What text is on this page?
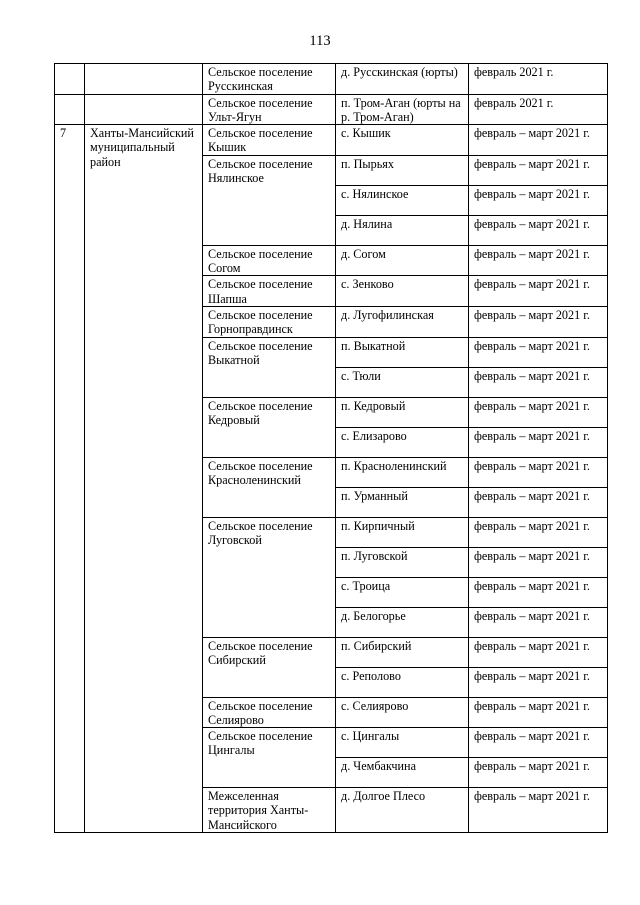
113
		Сельское поселение Русскинская	д. Русскинская (юрты)	февраль 2021 г.
		Сельское поселение Ульт-Ягун	п. Тром-Аган (юрты на р. Тром-Аган)	февраль 2021 г.
7	Ханты-Мансийский муниципальный район	Сельское поселение Кышик	с. Кышик	февраль – март 2021 г.
		Сельское поселение Нялинское	п. Пырьях	февраль – март 2021 г.
			с. Нялинское	февраль – март 2021 г.
			д. Нялина	февраль – март 2021 г.
		Сельское поселение Согом	д. Согом	февраль – март 2021 г.
		Сельское поселение Шапша	с. Зенково	февраль – март 2021 г.
		Сельское поселение Горноправдинск	д. Лугофилинская	февраль – март 2021 г.
		Сельское поселение Выкатной	п. Выкатной	февраль – март 2021 г.
			с. Тюли	февраль – март 2021 г.
		Сельское поселение Кедровый	п. Кедровый	февраль – март 2021 г.
			с. Елизарово	февраль – март 2021 г.
		Сельское поселение Красноленинский	п. Красноленинский	февраль – март 2021 г.
			п. Урманный	февраль – март 2021 г.
		Сельское поселение Луговской	п. Кирпичный	февраль – март 2021 г.
			п. Луговской	февраль – март 2021 г.
			с. Троица	февраль – март 2021 г.
			д. Белогорье	февраль – март 2021 г.
		Сельское поселение Сибирский	п. Сибирский	февраль – март 2021 г.
			с. Реполово	февраль – март 2021 г.
		Сельское поселение Селиярово	с. Селиярово	февраль – март 2021 г.
		Сельское поселение Цингалы	с. Цингалы	февраль – март 2021 г.
			д. Чембакчина	февраль – март 2021 г.
		Межселенная территория Ханты-Мансийского	д. Долгое Плесо	февраль – март 2021 г.
